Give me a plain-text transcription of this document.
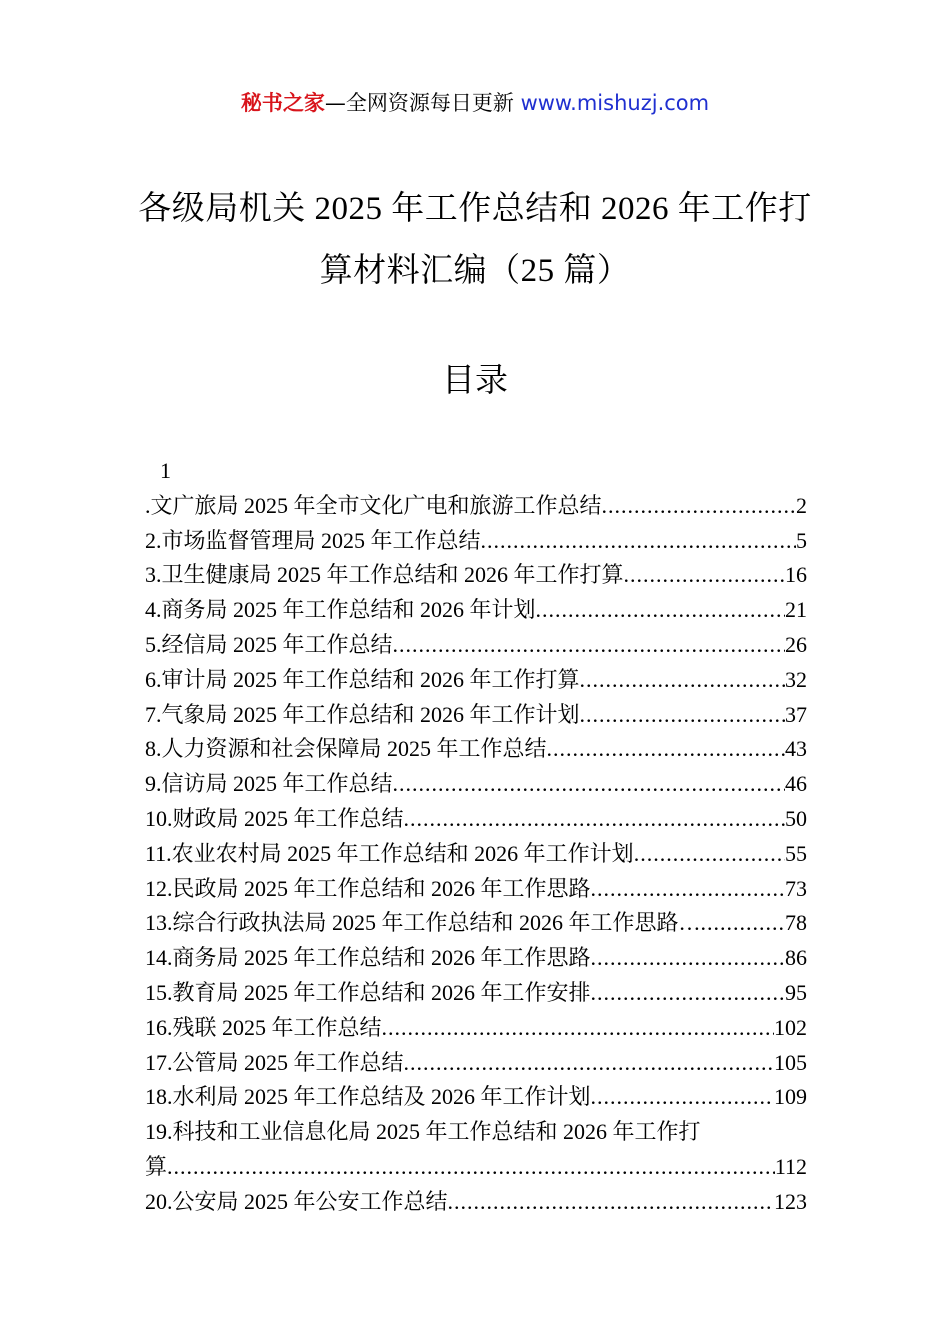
秘书之家—全网资源每日更新 www.mishuzj.com
各级局机关 2025 年工作总结和 2026 年工作打算材料汇编（25 篇）
目录
1
.文广旅局 2025 年全市文化广电和旅游工作总结 .....	2
2.市场监督管理局 2025 年工作总结 .....	5
3.卫生健康局 2025 年工作总结和 2026 年工作打算 .....	16
4.商务局 2025 年工作总结和 2026 年计划 .....	21
5.经信局 2025 年工作总结 .....	26
6.审计局 2025 年工作总结和 2026 年工作打算 .....	32
7.气象局 2025 年工作总结和 2026 年工作计划 .....	37
8.人力资源和社会保障局 2025 年工作总结 .....	43
9.信访局 2025 年工作总结 .....	46
10.财政局 2025 年工作总结 .....	50
11.农业农村局 2025 年工作总结和 2026 年工作计划 .....	55
12.民政局 2025 年工作总结和 2026 年工作思路 .....	73
13.综合行政执法局 2025 年工作总结和 2026 年工作思路… .....	78
14.商务局 2025 年工作总结和 2026 年工作思路 .....	86
15.教育局 2025 年工作总结和 2026 年工作安排 .....	95
16.残联 2025 年工作总结 .....	102
17.公管局 2025 年工作总结 .....	105
18.水利局 2025 年工作总结及 2026 年工作计划 .....	109
19.科技和工业信息化局 2025 年工作总结和 2026 年工作打
算 .....	112
20.公安局 2025 年公安工作总结 .....	123
